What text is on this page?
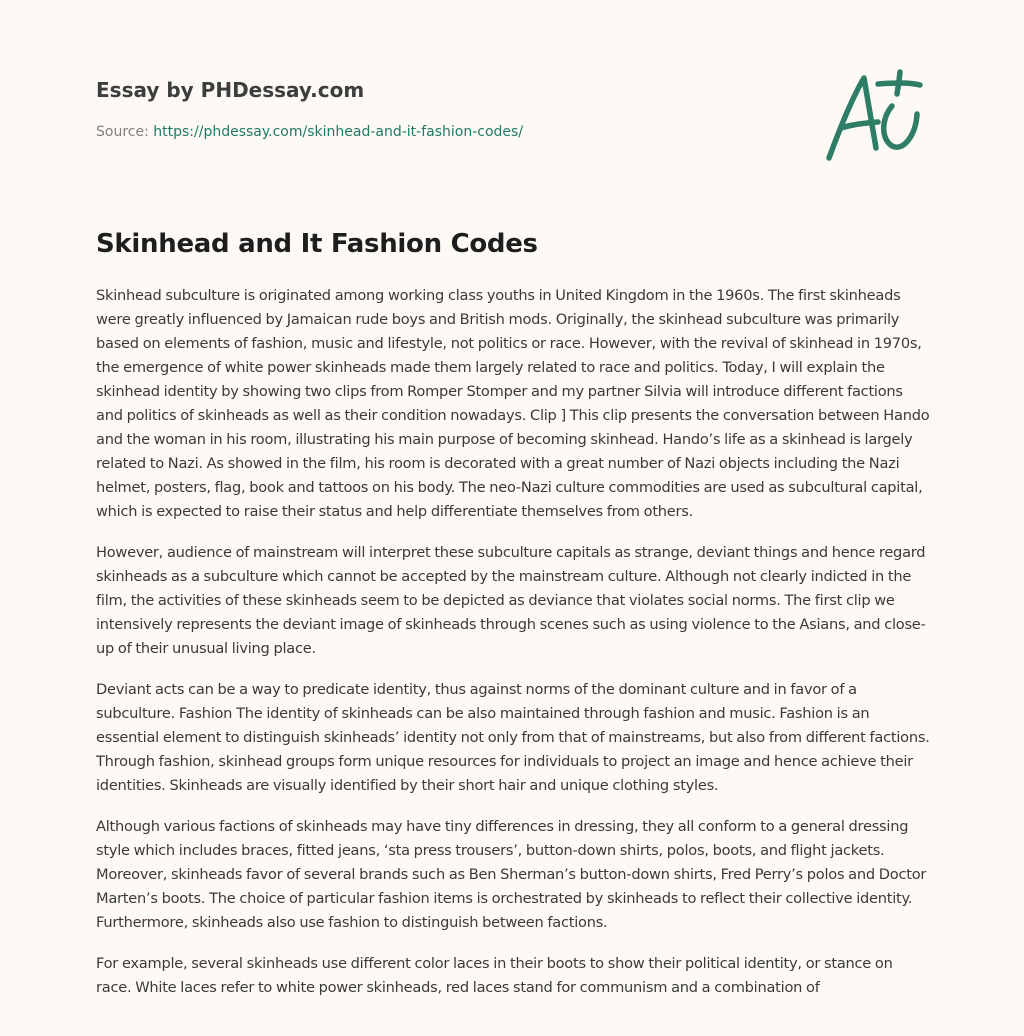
Essay by PHDessay.com
Source: https://phdessay.com/skinhead-and-it-fashion-codes/
Skinhead and It Fashion Codes

Skinhead subculture is originated among working class youths in United Kingdom in the 1960s. The first skinheads were greatly influenced by Jamaican rude boys and British mods. Originally, the skinhead subculture was primarily based on elements of fashion, music and lifestyle, not politics or race. However, with the revival of skinhead in 1970s, the emergence of white power skinheads made them largely related to race and politics. Today, I will explain the skinhead identity by showing two clips from Romper Stomper and my partner Silvia will introduce different factions and politics of skinheads as well as their condition nowadays. Clip ] This clip presents the conversation between Hando and the woman in his room, illustrating his main purpose of becoming skinhead. Hando’s life as a skinhead is largely related to Nazi. As showed in the film, his room is decorated with a great number of Nazi objects including the Nazi helmet, posters, flag, book and tattoos on his body. The neo-Nazi culture commodities are used as subcultural capital, which is expected to raise their status and help differentiate themselves from others.

However, audience of mainstream will interpret these subculture capitals as strange, deviant things and hence regard skinheads as a subculture which cannot be accepted by the mainstream culture. Although not clearly indicted in the film, the activities of these skinheads seem to be depicted as deviance that violates social norms. The first clip we intensively represents the deviant image of skinheads through scenes such as using violence to the Asians, and close-up of their unusual living place.

Deviant acts can be a way to predicate identity, thus against norms of the dominant culture and in favor of a subculture. Fashion The identity of skinheads can be also maintained through fashion and music. Fashion is an essential element to distinguish skinheads’ identity not only from that of mainstreams, but also from different factions. Through fashion, skinhead groups form unique resources for individuals to project an image and hence achieve their identities. Skinheads are visually identified by their short hair and unique clothing styles.

Although various factions of skinheads may have tiny differences in dressing, they all conform to a general dressing style which includes braces, fitted jeans, ‘sta press trousers’, button-down shirts, polos, boots, and flight jackets. Moreover, skinheads favor of several brands such as Ben Sherman’s button-down shirts, Fred Perry’s polos and Doctor Marten’s boots. The choice of particular fashion items is orchestrated by skinheads to reflect their collective identity. Furthermore, skinheads also use fashion to distinguish between factions.

For example, several skinheads use different color laces in their boots to show their political identity, or stance on race. White laces refer to white power skinheads, red laces stand for communism and a combination of
